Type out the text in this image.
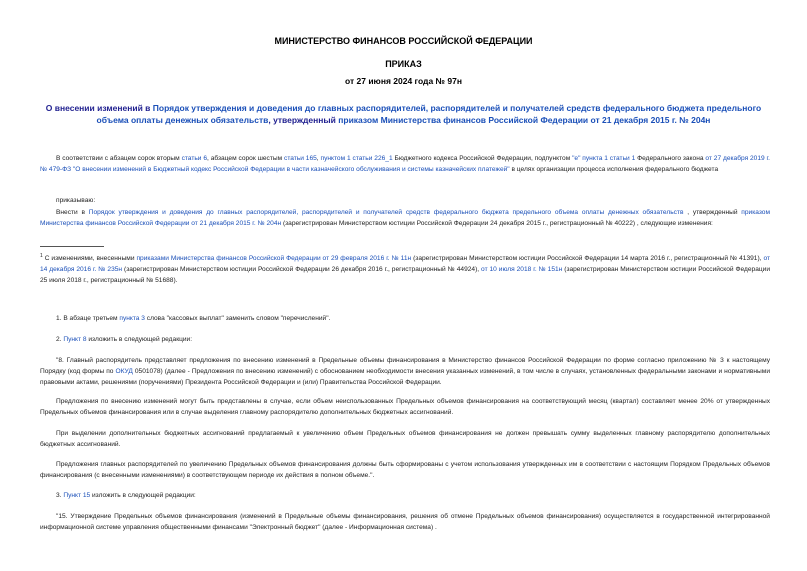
МИНИСТЕРСТВО ФИНАНСОВ РОССИЙСКОЙ ФЕДЕРАЦИИ
ПРИКАЗ
от 27 июня 2024 года № 97н
О внесении изменений в Порядок утверждения и доведения до главных распорядителей, распорядителей и получателей средств федерального бюджета предельного объема оплаты денежных обязательств, утвержденный приказом Министерства финансов Российской Федерации от 21 декабря 2015 г. № 204н
В соответствии с абзацем сорок вторым статьи 6, абзацем сорок шестым статьи 165, пунктом 1 статьи 226_1 Бюджетного кодекса Российской Федерации, подпунктом "е" пункта 1 статьи 1 Федерального закона от 27 декабря 2019 г. № 479-ФЗ "О внесении изменений в Бюджетный кодекс Российской Федерации в части казначейского обслуживания и системы казначейских платежей" в целях организации процесса исполнения федерального бюджета
приказываю:
Внести в Порядок утверждения и доведения до главных распорядителей, распорядителей и получателей средств федерального бюджета предельного объема оплаты денежных обязательств , утвержденный приказом Министерства финансов Российской Федерации от 21 декабря 2015 г. № 204н (зарегистрирован Министерством юстиции Российской Федерации 24 декабря 2015 г., регистрационный № 40222) , следующие изменения:
$^1$ С изменениями, внесенными приказами Министерства финансов Российской Федерации от 29 февраля 2016 г. № 11н (зарегистрирован Министерством юстиции Российской Федерации 14 марта 2016 г., регистрационный № 41391), от 14 декабря 2016 г. № 235н (зарегистрирован Министерством юстиции Российской Федерации 26 декабря 2016 г., регистрационный № 44924), от 10 июля 2018 г. № 151н (зарегистрирован Министерством юстиции Российской Федерации 25 июля 2018 г., регистрационный № 51688).
1. В абзаце третьем пункта 3 слова "кассовых выплат" заменить словом "перечислений".
2. Пункт 8 изложить в следующей редакции:
"8. Главный распорядитель представляет предложения по внесению изменений в Предельные объемы финансирования в Министерство финансов Российской Федерации по форме согласно приложению № 3 к настоящему Порядку (код формы по ОКУД 0501078) (далее - Предложения по внесению изменений) с обоснованием необходимости внесения указанных изменений, в том числе в случаях, установленных федеральными законами и нормативными правовыми актами, решениями (поручениями) Президента Российской Федерации и (или) Правительства Российской Федерации.
Предложения по внесению изменений могут быть представлены в случае, если объем неиспользованных Предельных объемов финансирования на соответствующий месяц (квартал) составляет менее 20% от утвержденных Предельных объемов финансирования или в случае выделения главному распорядителю дополнительных бюджетных ассигнований.
При выделении дополнительных бюджетных ассигнований предлагаемый к увеличению объем Предельных объемов финансирования не должен превышать сумму выделенных главному распорядителю дополнительных бюджетных ассигнований.
Предложения главных распорядителей по увеличению Предельных объемов финансирования должны быть сформированы с учетом использования утвержденных им в соответствии с настоящим Порядком Предельных объемов финансирования (с внесенными изменениями) в соответствующем периоде их действия в полном объеме.".
3. Пункт 15 изложить в следующей редакции:
"15. Утверждение Предельных объемов финансирования (изменений в Предельные объемы финансирования, решения об отмене Предельных объемов финансирования) осуществляется в государственной интегрированной информационной системе управления общественными финансами "Электронный бюджет" (далее - Информационная система) .
